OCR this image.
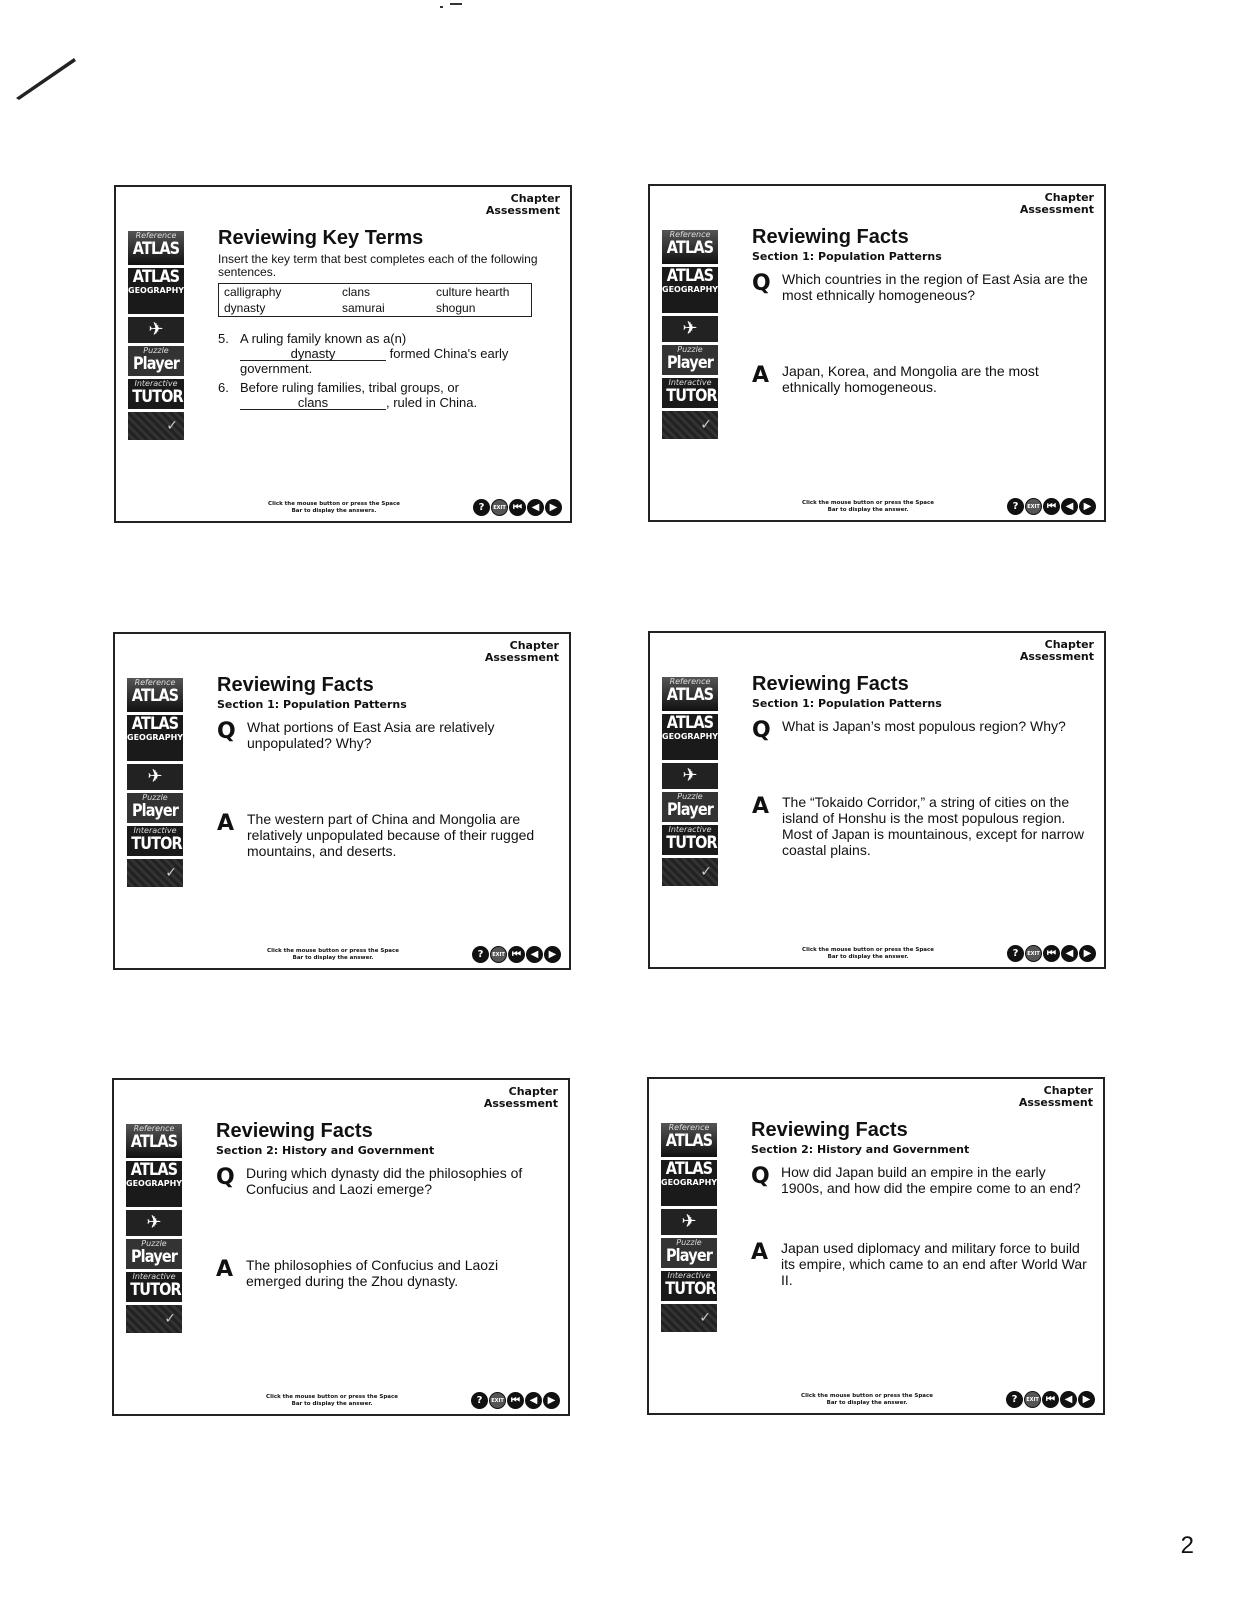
Chapter
Assessment
Reference
ATLAS
ATLAS
GEOGRAPHY
✈
Puzzle
Player
Interactive
TUTOR
✓
Reviewing Key Terms
Insert the key term that best completes each of the following sentences.
calligraphy	clans	culture hearth
dynasty	samurai	shogun
5. A ruling family known as a(n)
dynasty	formed China's early government.
6. Before ruling families, tribal groups, or
clans	, ruled in China.
Click the mouse button or press the Space Bar to display the answers.	?	EXIT ⏮ ◀	▶
Chapter
Assessment
Reference
ATLAS
ATLAS
GEOGRAPHY
✈
Puzzle
Player
Interactive
TUTOR
✓
Reviewing Facts
Section 1: Population Patterns
Q Which countries in the region of East Asia are the most ethnically homogeneous?
A Japan, Korea, and Mongolia are the most ethnically homogeneous.
Click the mouse button or press the Space Bar to display the answer.	?	EXIT ⏮ ◀	▶
Chapter
Assessment
Reference
ATLAS
ATLAS
GEOGRAPHY
✈
Puzzle
Player
Interactive
TUTOR
✓
Reviewing Facts
Section 1: Population Patterns
Q What portions of East Asia are relatively unpopulated? Why?
A The western part of China and Mongolia are relatively unpopulated because of their rugged mountains, and deserts.
Click the mouse button or press the Space Bar to display the answer.	?	EXIT ⏮ ◀	▶
Chapter
Assessment
Reference
ATLAS
ATLAS
GEOGRAPHY
✈
Puzzle
Player
Interactive
TUTOR
✓
Reviewing Facts
Section 1: Population Patterns
Q What is Japan’s most populous region? Why?
A The “Tokaido Corridor,” a string of cities on the island of Honshu is the most populous region. Most of Japan is mountainous, except for narrow coastal plains.
Click the mouse button or press the Space Bar to display the answer.	?	EXIT ⏮ ◀	▶
Chapter
Assessment
Reference
ATLAS
ATLAS
GEOGRAPHY
✈
Puzzle
Player
Interactive
TUTOR
✓
Reviewing Facts
Section 2: History and Government
Q During which dynasty did the philosophies of Confucius and Laozi emerge?
A The philosophies of Confucius and Laozi emerged during the Zhou dynasty.
Click the mouse button or press the Space Bar to display the answer.	?	EXIT ⏮ ◀	▶
Chapter
Assessment
Reference
ATLAS
ATLAS
GEOGRAPHY
✈
Puzzle
Player
Interactive
TUTOR
✓
Reviewing Facts
Section 2: History and Government
Q How did Japan build an empire in the early 1900s, and how did the empire come to an end?
A Japan used diplomacy and military force to build its empire, which came to an end after World War II.
Click the mouse button or press the Space Bar to display the answer.	?	EXIT ⏮ ◀	▶
2
